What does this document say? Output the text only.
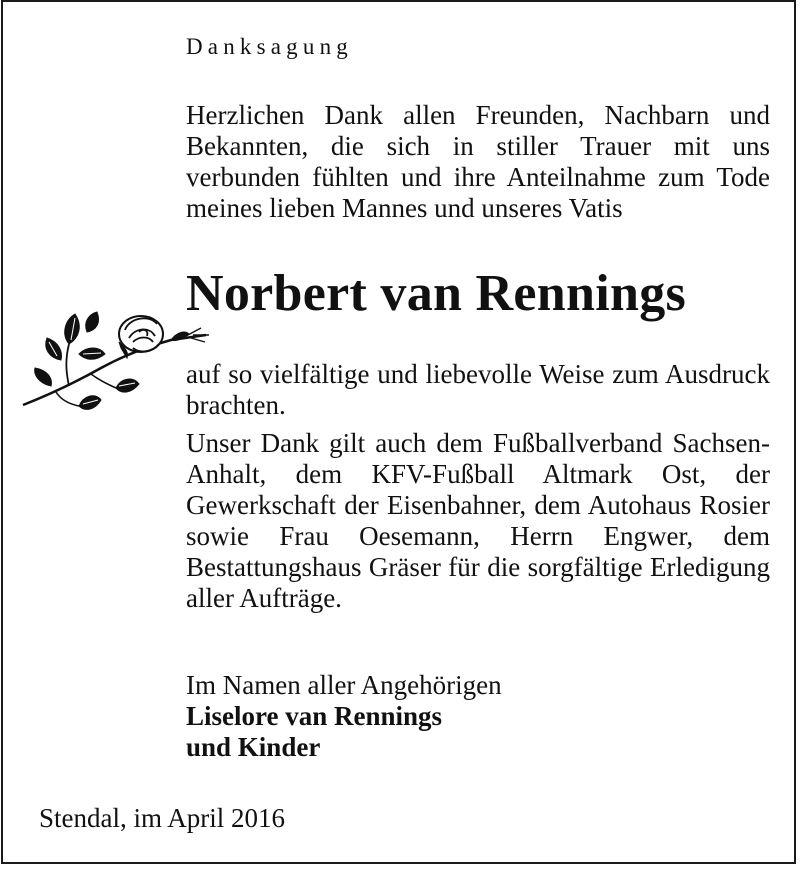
Danksagung

Herzlichen Dank allen Freunden, Nachbarn und Bekannten, die sich in stiller Trauer mit uns verbunden fühlten und ihre Anteilnahme zum Tode meines lieben Mannes und unseres Vatis

Norbert van Rennings

auf so vielfältige und liebevolle Weise zum Ausdruck brachten.

Unser Dank gilt auch dem Fußballverband Sachsen-Anhalt, dem KFV-Fußball Altmark Ost, der Gewerkschaft der Eisenbahner, dem Autohaus Rosier sowie Frau Oesemann, Herrn Engwer, dem Bestattungshaus Gräser für die sorgfältige Erledigung aller Aufträge.

Im Namen aller Angehörigen
Liselore van Rennings
und Kinder
Stendal, im April 2016
